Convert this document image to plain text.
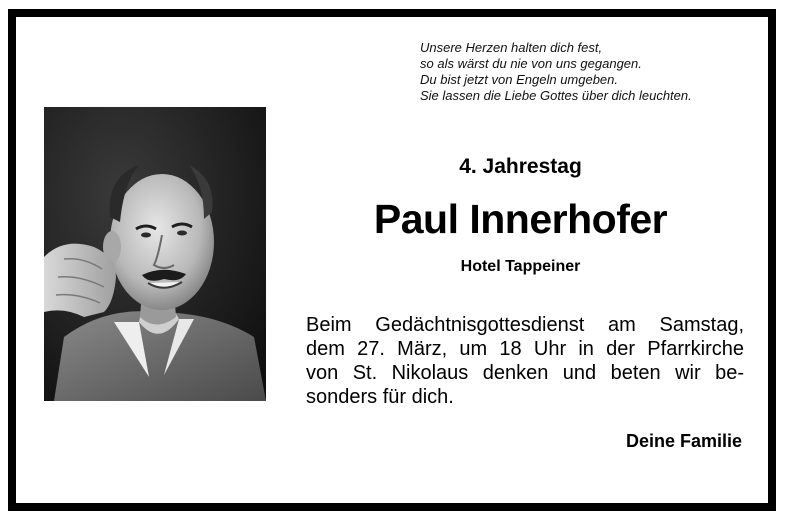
Unsere Herzen halten dich fest,
so als wärst du nie von uns gegangen.
Du bist jetzt von Engeln umgeben.
Sie lassen die Liebe Gottes über dich leuchten.
4. Jahrestag
Paul Innerhofer
Hotel Tappeiner
Beim Gedächtnisgottesdienst am Samstag,
dem 27. März, um 18 Uhr in der Pfarrkirche
von St. Nikolaus denken und beten wir be-
sonders für dich.
Deine Familie
